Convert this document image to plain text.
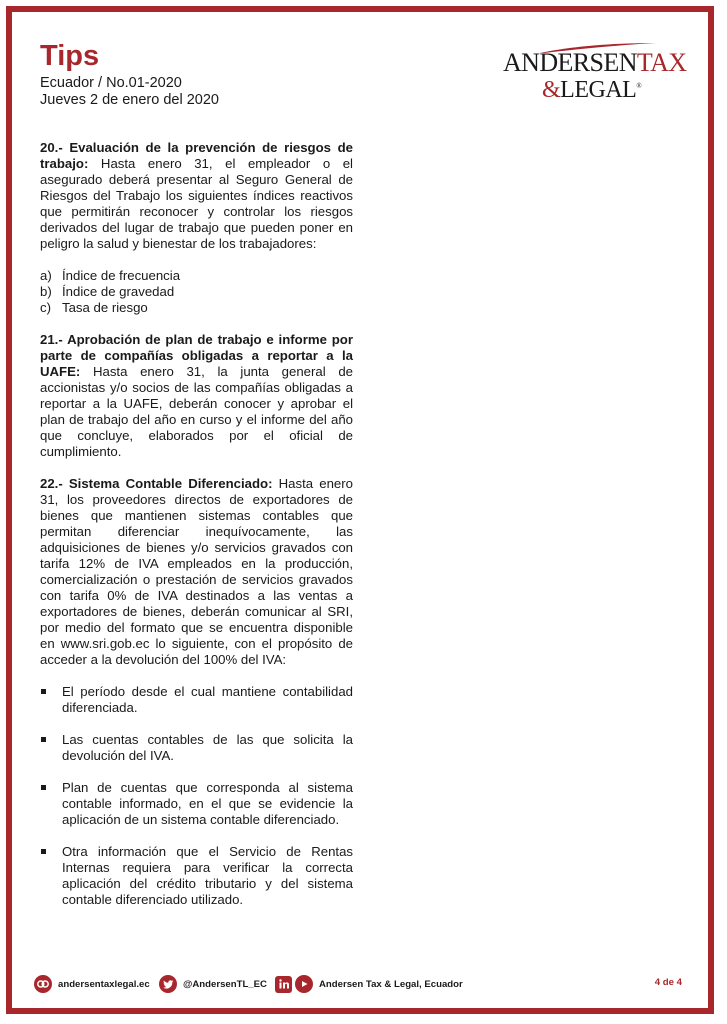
Tips
Ecuador / No.01-2020
Jueves 2 de enero del 2020
ANDERSENTAX
&LEGAL®

20.- Evaluación de la prevención de riesgos de trabajo: Hasta enero 31, el empleador o el asegurado deberá presentar al Seguro General de Riesgos del Trabajo los siguientes índices reactivos que permitirán reconocer y controlar los riesgos derivados del lugar de trabajo que pueden poner en peligro la salud y bienestar de los trabajadores:

a) Índice de frecuencia
b) Índice de gravedad
c) Tasa de riesgo

21.- Aprobación de plan de trabajo e informe por parte de compañías obligadas a reportar a la UAFE: Hasta enero 31, la junta general de accionistas y/o socios de las compañías obligadas a reportar a la UAFE, deberán conocer y aprobar el plan de trabajo del año en curso y el informe del año que concluye, elaborados por el oficial de cumplimiento.

22.- Sistema Contable Diferenciado: Hasta enero 31, los proveedores directos de exportadores de bienes que mantienen sistemas contables que permitan diferenciar inequívocamente, las adquisiciones de bienes y/o servicios gravados con tarifa 12% de IVA empleados en la producción, comercialización o prestación de servicios gravados con tarifa 0% de IVA destinados a las ventas a exportadores de bienes, deberán comunicar al SRI, por medio del formato que se encuentra disponible en www.sri.gob.ec lo siguiente, con el propósito de acceder a la devolución del 100% del IVA:

El período desde el cual mantiene contabilidad diferenciada.
Las cuentas contables de las que solicita la devolución del IVA.
Plan de cuentas que corresponda al sistema contable informado, en el que se evidencie la aplicación de un sistema contable diferenciado.
Otra información que el Servicio de Rentas Internas requiera para verificar la correcta aplicación del crédito tributario y del sistema contable diferenciado utilizado.
andersentaxlegal.ec	@AndersenTL_EC	Andersen Tax & Legal, Ecuador	4 de 4
